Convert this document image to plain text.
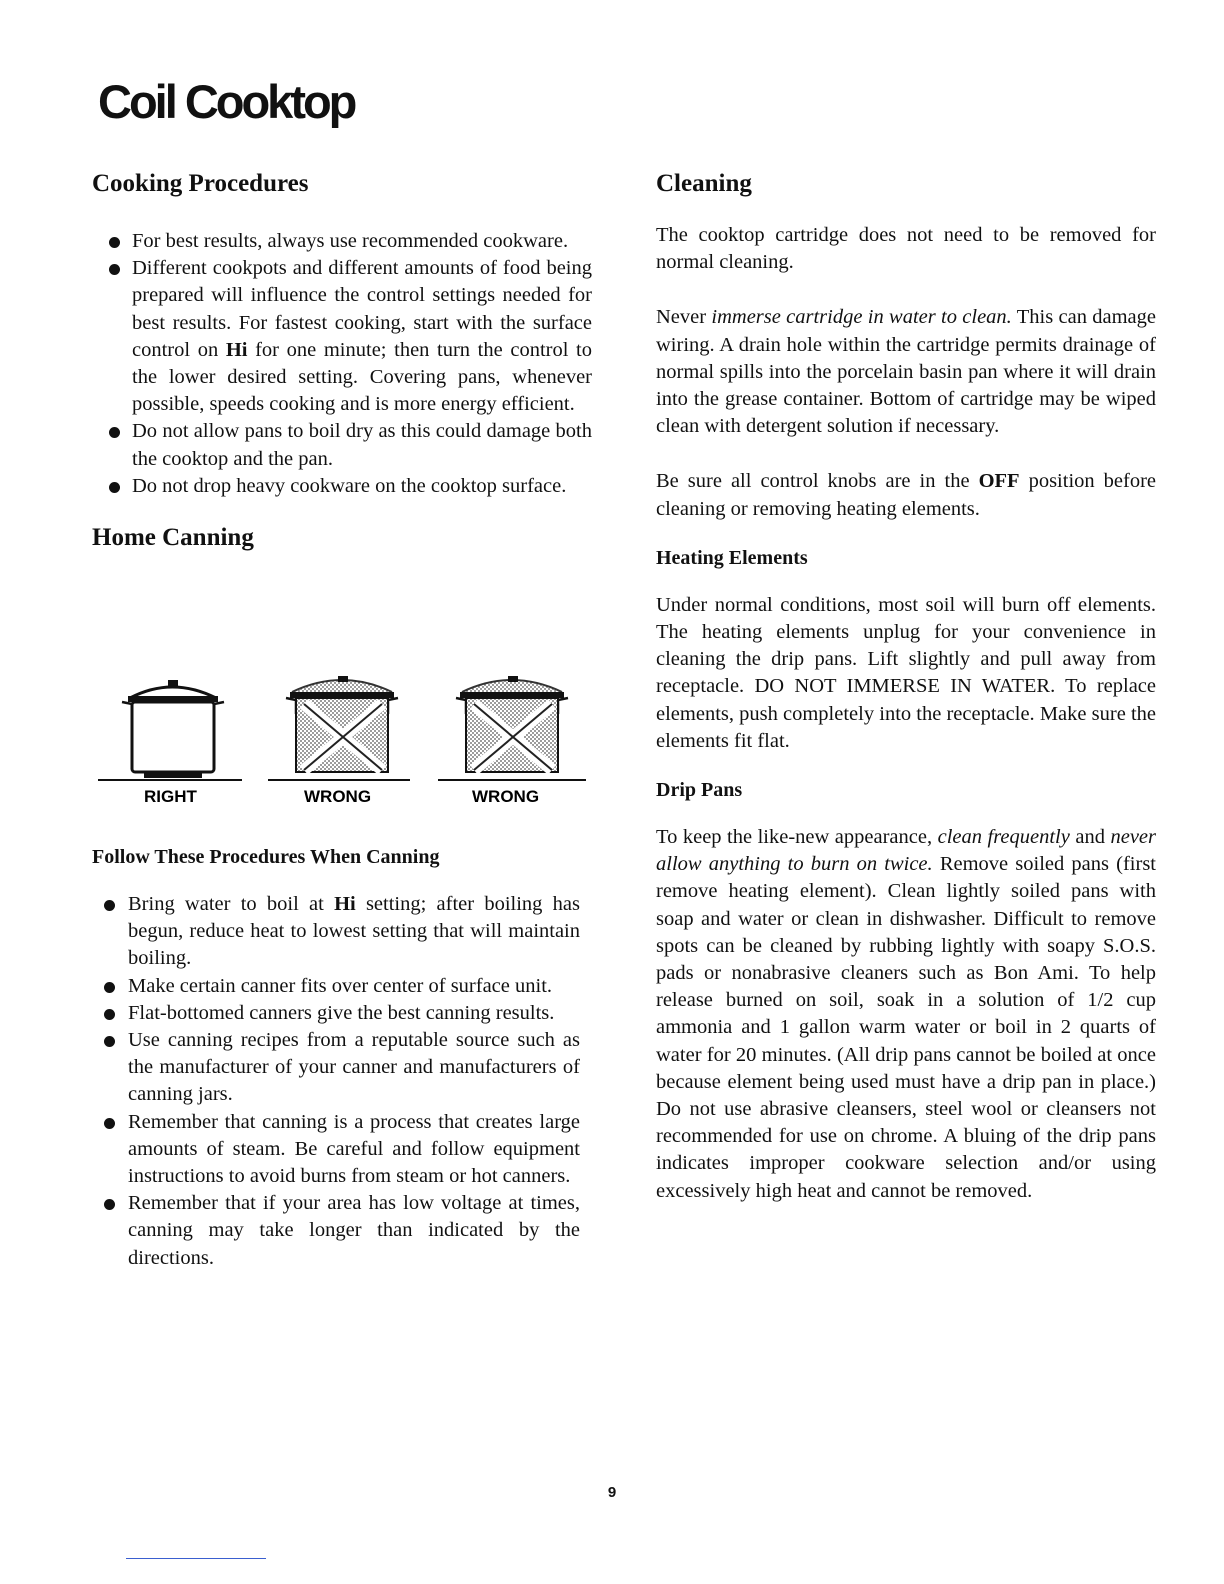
Coil Cooktop
Cooking Procedures
For best results, always use recommended cookware.
Different cookpots and different amounts of food being prepared will influence the control settings needed for best results. For fastest cooking, start with the surface control on Hi for one minute; then turn the control to the lower desired setting. Covering pans, whenever possible, speeds cooking and is more energy efficient.
Do not allow pans to boil dry as this could damage both the cooktop and the pan.
Do not drop heavy cookware on the cooktop surface.
Home Canning
RIGHT	WRONG	WRONG
Follow These Procedures When Canning
Bring water to boil at Hi setting; after boiling has begun, reduce heat to lowest setting that will maintain boiling.
Make certain canner fits over center of surface unit.
Flat-bottomed canners give the best canning results.
Use canning recipes from a reputable source such as the manufacturer of your canner and manufacturers of canning jars.
Remember that canning is a process that creates large amounts of steam. Be careful and follow equipment instructions to avoid burns from steam or hot canners.
Remember that if your area has low voltage at times, canning may take longer than indicated by the directions.
Cleaning

The cooktop cartridge does not need to be removed for normal cleaning.

Never immerse cartridge in water to clean. This can damage wiring. A drain hole within the cartridge permits drainage of normal spills into the porcelain basin pan where it will drain into the grease container. Bottom of cartridge may be wiped clean with detergent solution if necessary.

Be sure all control knobs are in the OFF position before cleaning or removing heating elements.

Heating Elements

Under normal conditions, most soil will burn off elements. The heating elements unplug for your convenience in cleaning the drip pans. Lift slightly and pull away from receptacle. DO NOT IMMERSE IN WATER. To replace elements, push completely into the receptacle. Make sure the elements fit flat.

Drip Pans

To keep the like-new appearance, clean frequently and never allow anything to burn on twice. Remove soiled pans (first remove heating element). Clean lightly soiled pans with soap and water or clean in dishwasher. Difficult to remove spots can be cleaned by rubbing lightly with soapy S.O.S. pads or nonabrasive cleaners such as Bon Ami. To help release burned on soil, soak in a solution of 1/2 cup ammonia and 1 gallon warm water or boil in 2 quarts of water for 20 minutes. (All drip pans cannot be boiled at once because element being used must have a drip pan in place.) Do not use abrasive cleansers, steel wool or cleansers not recommended for use on chrome. A bluing of the drip pans indicates improper cookware selection and/or using excessively high heat and cannot be removed.

9
